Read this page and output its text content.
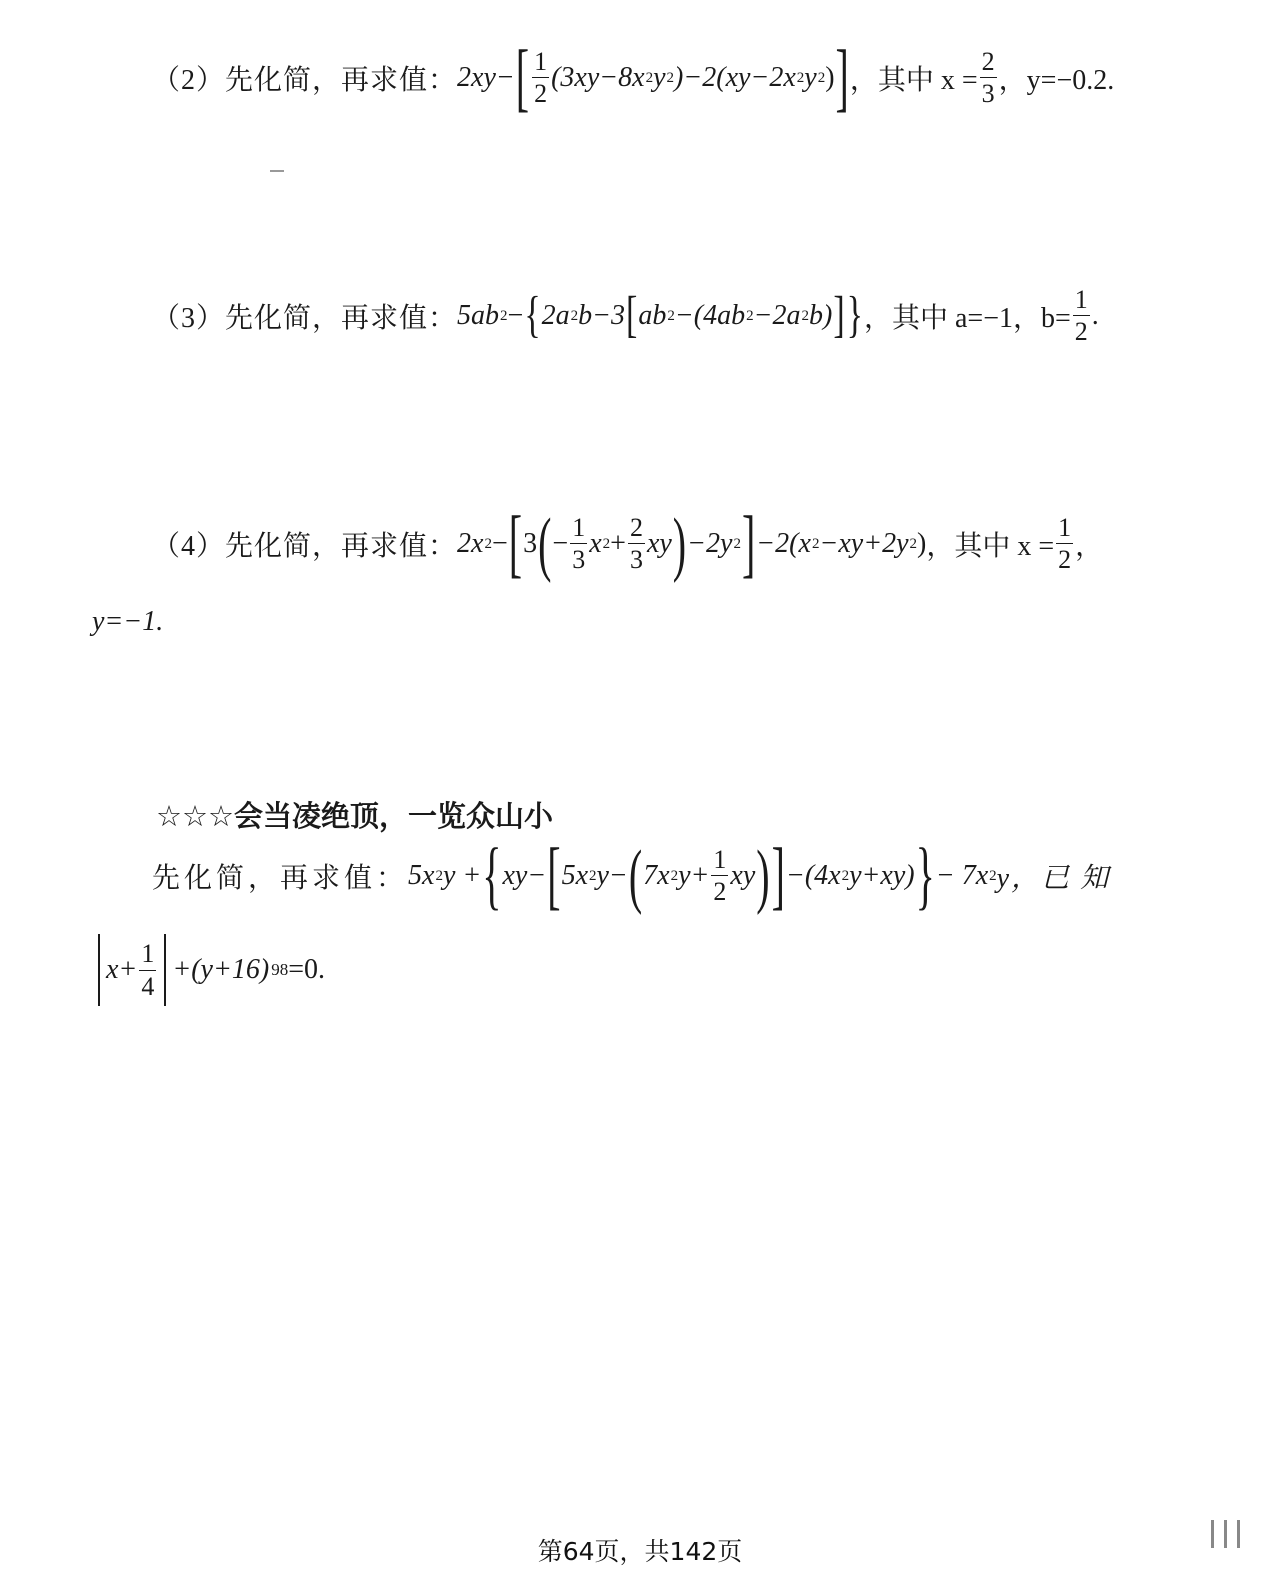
（2）先化简，再求值： 2xy− [ $\frac{1}{2} (3xy-8x$ 2 y 2 )−2(xy−2x 2 y 2 ) ] ，其中 $x = \frac{2}{3}$ ，y=−0.2.
（3）先化简，再求值： 5ab 2 − { 2a 2 b−3 [ ab 2 −(4ab 2 −2a 2 b) ] } ，其中 a=−1，$b= \frac{1}{2}$ .
（4）先化简，再求值： 2x 2 − [ 3 ( − $\frac{1}{3}$ x $2 + \frac{2}{3}$ xy ) −2y 2 ] −2(x 2 −xy+2y 2 ) ，其中 $x = \frac{1}{2}$ ，
y=−1.
☆☆☆会当凌绝顶，一览众山小
先化简，再求值： 5x 2 y + { xy− [ 5x 2 y− ( 7x 2 $y+ \frac{1}{2}$ xy ) ] −(4x 2 y+xy) } − 7x 2 y，已 知
$x+ \frac{1}{4} +(y+16)$ 98 =0.
第64页，共142页
